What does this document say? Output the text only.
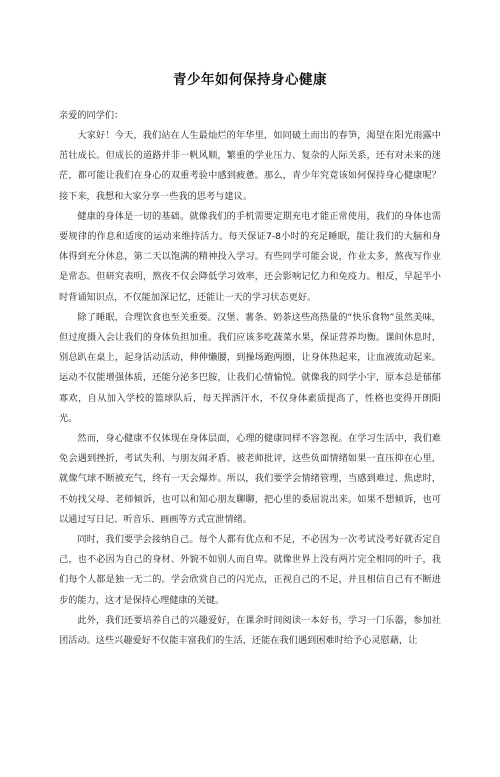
青少年如何保持身心健康

亲爱的同学们：

大家好！今天，我们站在人生最灿烂的年华里，如同破土而出的春笋，渴望在阳光雨露中茁壮成长。但成长的道路并非一帆风顺，繁重的学业压力、复杂的人际关系，还有对未来的迷茫，都可能让我们在身心的双重考验中感到疲惫。那么，青少年究竟该如何保持身心健康呢？接下来，我想和大家分享一些我的思考与建议。

健康的身体是一切的基础。就像我们的手机需要定期充电才能正常使用，我们的身体也需要规律的作息和适度的运动来维持活力。每天保证7-8小时的充足睡眠，能让我们的大脑和身体得到充分休息，第二天以饱满的精神投入学习。有些同学可能会说，作业太多，熬夜写作业是常态。但研究表明，熬夜不仅会降低学习效率，还会影响记忆力和免疫力。相反，早起半小时背诵知识点，不仅能加深记忆，还能让一天的学习状态更好。

除了睡眠，合理饮食也至关重要。汉堡、薯条、奶茶这些高热量的“快乐食物”虽然美味，但过度摄入会让我们的身体负担加重。我们应该多吃蔬菜水果，保证营养均衡。课间休息时，别总趴在桌上，起身活动活动，伸伸懒腰，到操场跑两圈，让身体热起来，让血液流动起来。运动不仅能增强体质，还能分泌多巴胺，让我们心情愉悦。就像我的同学小宇，原本总是郁郁寡欢，自从加入学校的篮球队后，每天挥洒汗水，不仅身体素质提高了，性格也变得开朗阳光。

然而，身心健康不仅体现在身体层面，心理的健康同样不容忽视。在学习生活中，我们难免会遇到挫折，考试失利、与朋友闹矛盾、被老师批评，这些负面情绪如果一直压抑在心里，就像气球不断被充气，终有一天会爆炸。所以，我们要学会情绪管理，当感到难过、焦虑时，不妨找父母、老师倾诉，也可以和知心朋友聊聊，把心里的委屈说出来。如果不想倾诉，也可以通过写日记、听音乐、画画等方式宣泄情绪。

同时，我们要学会接纳自己。每个人都有优点和不足，不必因为一次考试没考好就否定自己，也不必因为自己的身材、外貌不如别人而自卑。就像世界上没有两片完全相同的叶子，我们每个人都是独一无二的。学会欣赏自己的闪光点，正视自己的不足，并且相信自己有不断进步的能力，这才是保持心理健康的关键。

此外，我们还要培养自己的兴趣爱好，在课余时间阅读一本好书，学习一门乐器，参加社团活动。这些兴趣爱好不仅能丰富我们的生活，还能在我们遇到困难时给予心灵慰藉，让
